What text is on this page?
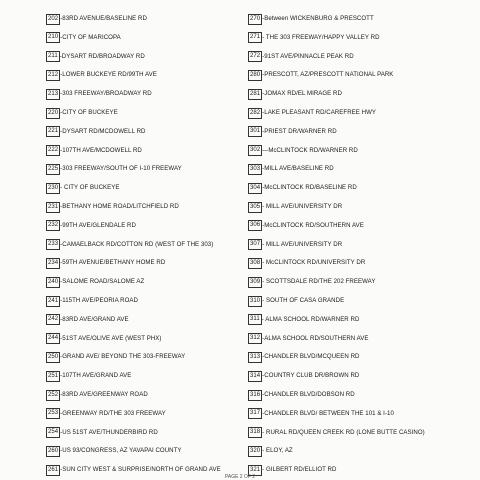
202 -83RD AVENUE/BASELINE RD
210 -CITY OF MARICOPA
211 -DYSART RD/BROADWAY RD
212 -LOWER BUCKEYE RD/99TH AVE
213 -303 FREEWAY/BROADWAY RD
220 -CITY OF BUCKEYE
221 -DYSART RD/MCDOWELL RD
222 -107TH AVE/MCDOWELL RD
225 -303 FREEWAY/SOUTH OF I-10 FREEWAY
230 - CITY OF BUCKEYE
231 -BETHANY HOME ROAD/LITCHFIELD RD
232 -99TH AVE/GLENDALE RD
233 -CAMAELBACK RD/COTTON RD (WEST OF THE 303)
234 -59TH AVENUE/BETHANY HOME RD
240 -SALOME ROAD/SALOME AZ
241 -115TH AVE/PEORIA ROAD
242 -83RD AVE/GRAND AVE
244 -51ST AVE/OLIVE AVE (WEST PHX)
250 -GRAND AVE/ BEYOND THE 303-FREEWAY
251 -107TH AVE/GRAND AVE
252 -83RD AVE/GREENWAY ROAD
253 -GREENWAY RD/THE 303 FREEWAY
254 -US 51ST AVE/THUNDERBIRD RD
260 -US 93/CONGRESS, AZ YAVAPAI COUNTY
261 -SUN CITY WEST & SURPRISE/NORTH OF GRAND AVE
270 -Between WICKENBURG & PRESCOTT
271 - THE 303 FREEWAY/HAPPY VALLEY RD
272 -91ST AVE/PINNACLE PEAK RD
280 -PRESCOTT, AZ/PRESCOTT NATIONAL PARK
281 -JOMAX RD/EL MIRAGE RD
282 -LAKE PLEASANT RD/CAREFREE HWY
301 -PRIEST DR/WARNER RD
302 —McCLINTOCK RD/WARNER RD
303 -MILL AVE/BASELINE RD
304 -McCLINTOCK RD/BASELINE RD
305 - MILL AVE/UNIVERSITY DR
306 -McCLINTOCK RD/SOUTHERN AVE
307 - MILL AVE/UNIVERSITY DR
308 - McCLINTOCK RD/UNIVERSITY DR
309 - SCOTTSDALE RD/THE 202 FREEWAY
310 - SOUTH OF CASA GRANDE
311 - ALMA SCHOOL RD/WARNER RD
312 -ALMA SCHOOL RD/SOUTHERN AVE
313 -CHANDLER BLVD/MCQUEEN RD
314 -COUNTRY CLUB DR/BROWN RD
316 -CHANDLER BLVD/DOBSON RD
317 -CHANDLER BLVD/ BETWEEN THE 101 & I-10
318 - RURAL RD/QUEEN CREEK RD (LONE BUTTE CASINO)
320 - ELOY, AZ
321 - GILBERT RD/ELLIOT RD
PAGE 2 OF 2
